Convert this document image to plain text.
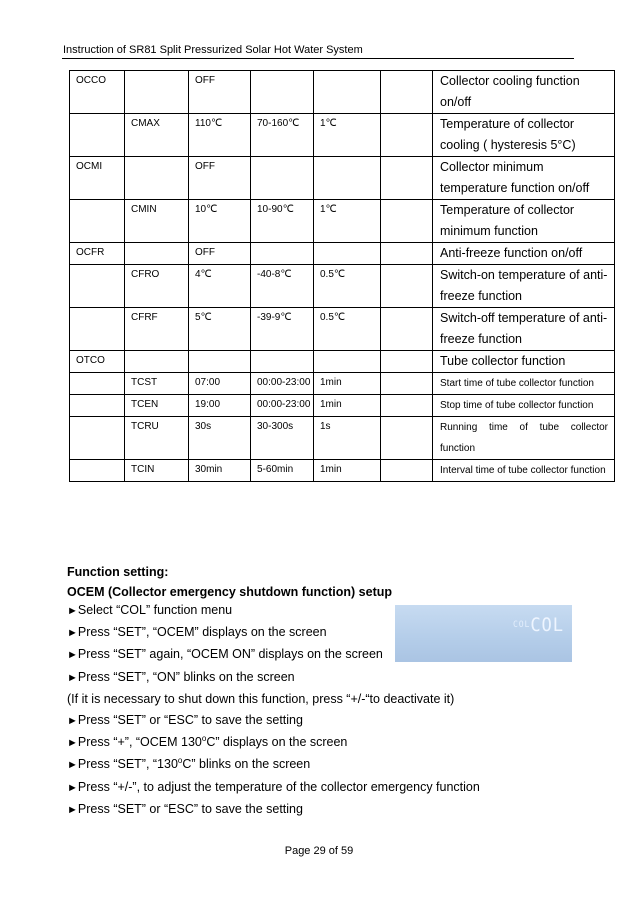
Instruction of SR81 Split Pressurized Solar Hot Water System
OCCO		OFF				Collector cooling function on/off
	CMAX	110℃	70-160℃	1℃		Temperature of collector cooling ( hysteresis 5°C)
OCMI		OFF				Collector minimum temperature function on/off
	CMIN	10℃	10-90℃	1℃		Temperature of collector minimum function
OCFR		OFF				Anti-freeze function on/off
	CFRO	4℃	-40-8℃	0.5℃		Switch-on temperature of anti-freeze function
	CFRF	5℃	-39-9℃	0.5℃		Switch-off temperature of anti-freeze function
OTCO						Tube collector function
	TCST	07:00	00:00-23:00	1min		Start time of tube collector function
	TCEN	19:00	00:00-23:00	1min		Stop time of tube collector function
	TCRU	30s	30-300s	1s		Running time of tube collector function
	TCIN	30min	5-60min	1min		Interval time of tube collector function
Function setting:
OCEM (Collector emergency shutdown function) setup
►Select “COL” function menu
►Press “SET”, “OCEM” displays on the screen
►Press “SET” again, “OCEM ON” displays on the screen
►Press “SET”, “ON” blinks on the screen
(If it is necessary to shut down this function, press “+/-“to deactivate it)
►Press “SET” or “ESC” to save the setting
►Press “+”, “OCEM 130$^o$C” displays on the screen
►Press “SET”, “130$^o$C” blinks on the screen
►Press “+/-”, to adjust the temperature of the collector emergency function
►Press “SET” or “ESC” to save the setting
$^{COL}$COL
Page 29 of 59
